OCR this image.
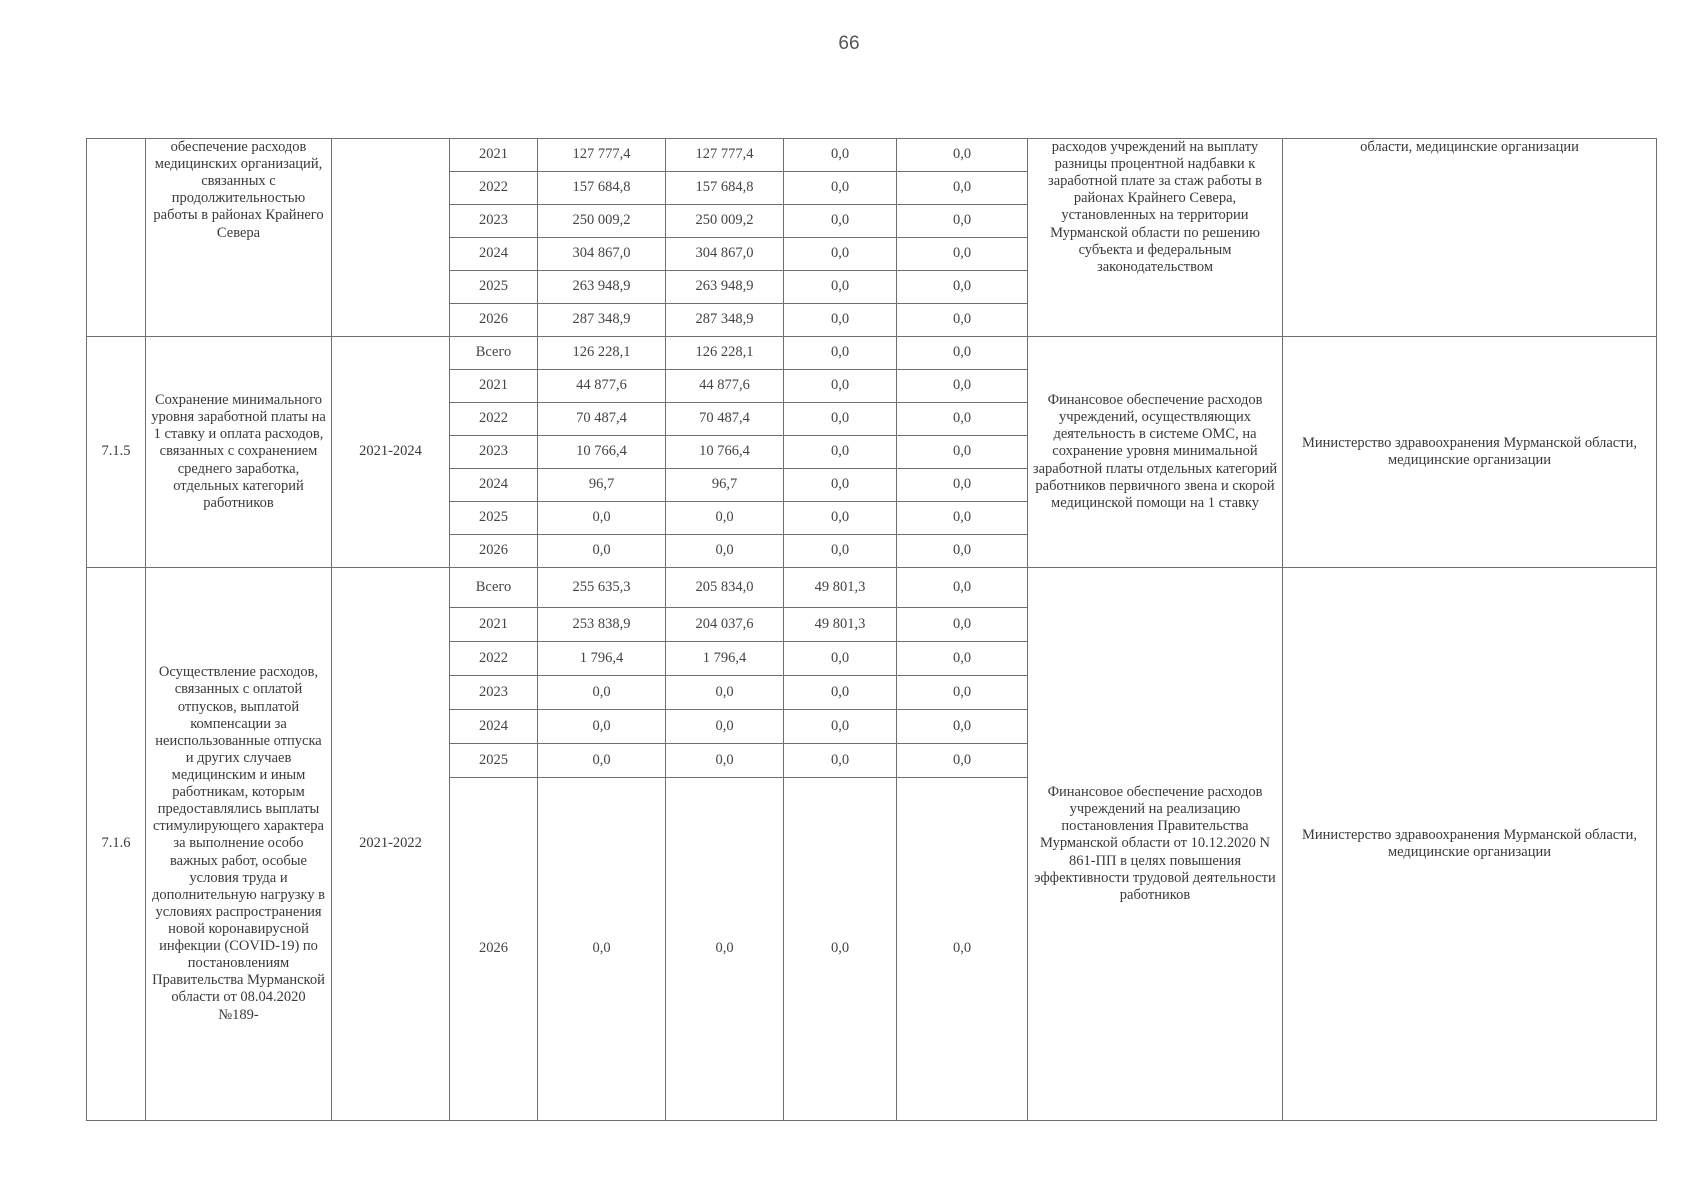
66
	обеспечение расходов медицинских организаций, связанных с продолжительностью работы в районах Крайнего Севера		2021	127 777,4	127 777,4	0,0	0,0	расходов учреждений на выплату разницы процентной надбавки к заработной плате за стаж работы в районах Крайнего Севера, установленных на территории Мурманской области по решению субъекта и федеральным законодательством	области, медицинские организации
			2022	157 684,8	157 684,8	0,0	0,0		
			2023	250 009,2	250 009,2	0,0	0,0		
			2024	304 867,0	304 867,0	0,0	0,0		
			2025	263 948,9	263 948,9	0,0	0,0		
			2026	287 348,9	287 348,9	0,0	0,0		
7.1.5	Сохранение минимального уровня заработной платы на 1 ставку и оплата расходов, связанных с сохранением среднего заработка, отдельных категорий работников	2021-2024	Всего	126 228,1	126 228,1	0,0	0,0	Финансовое обеспечение расходов учреждений, осуществляющих деятельность в системе ОМС, на сохранение уровня минимальной заработной платы отдельных категорий работников первичного звена и скорой медицинской помощи на 1 ставку	Министерство здравоохранения Мурманской области, медицинские организации
			2021	44 877,6	44 877,6	0,0	0,0		
			2022	70 487,4	70 487,4	0,0	0,0		
			2023	10 766,4	10 766,4	0,0	0,0		
			2024	96,7	96,7	0,0	0,0		
			2025	0,0	0,0	0,0	0,0		
			2026	0,0	0,0	0,0	0,0		
7.1.6	Осуществление расходов, связанных с оплатой отпусков, выплатой компенсации за неиспользованные отпуска и других случаев медицинским и иным работникам, которым предоставлялись выплаты стимулирующего характера за выполнение особо важных работ, особые условия труда и дополнительную нагрузку в условиях распространения новой коронавирусной инфекции (COVID-19) по постановлениям Правительства Мурманской области от 08.04.2020 №189-	2021-2022	Всего	255 635,3	205 834,0	49 801,3	0,0	Финансовое обеспечение расходов учреждений на реализацию постановления Правительства Мурманской области от 10.12.2020 N 861-ПП в целях повышения эффективности трудовой деятельности работников	Министерство здравоохранения Мурманской области, медицинские организации
			2021	253 838,9	204 037,6	49 801,3	0,0		
			2022	1 796,4	1 796,4	0,0	0,0		
			2023	0,0	0,0	0,0	0,0		
			2024	0,0	0,0	0,0	0,0		
			2025	0,0	0,0	0,0	0,0		
			2026	0,0	0,0	0,0	0,0		
